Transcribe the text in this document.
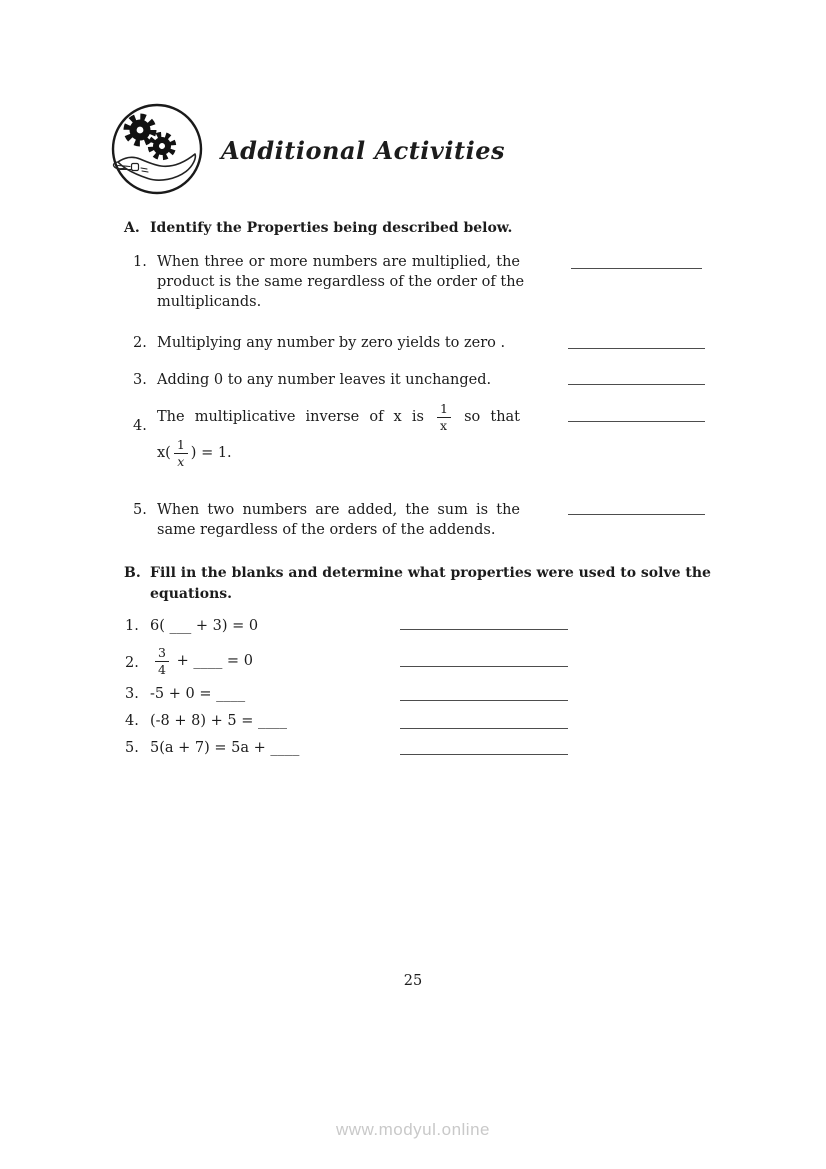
Additional Activities
A. Identify the Properties being described below.
1. When three or more numbers are multiplied, the
product is the same regardless of the order of the
multiplicands.
2. Multiplying any number by zero yields to zero .
3. Adding 0 to any number leaves it unchanged.
4.
The multiplicative inverse of x is $\frac{1}{x}$ so that
$x( \frac{1}{x}$ ) = 1.
5. When two numbers are added, the sum is the
same regardless of the orders of the addends.
B. Fill in the blanks and determine what properties were used to solve the
equations.
1. 6( ___ + 3) = 0
2.	$\frac{3}{4}$ + ____ = 0
3. -5 + 0 = ____
4. (-8 + 8) + 5 = ____
5. 5(a + 7) = 5a + ____
25
www.modyul.online
